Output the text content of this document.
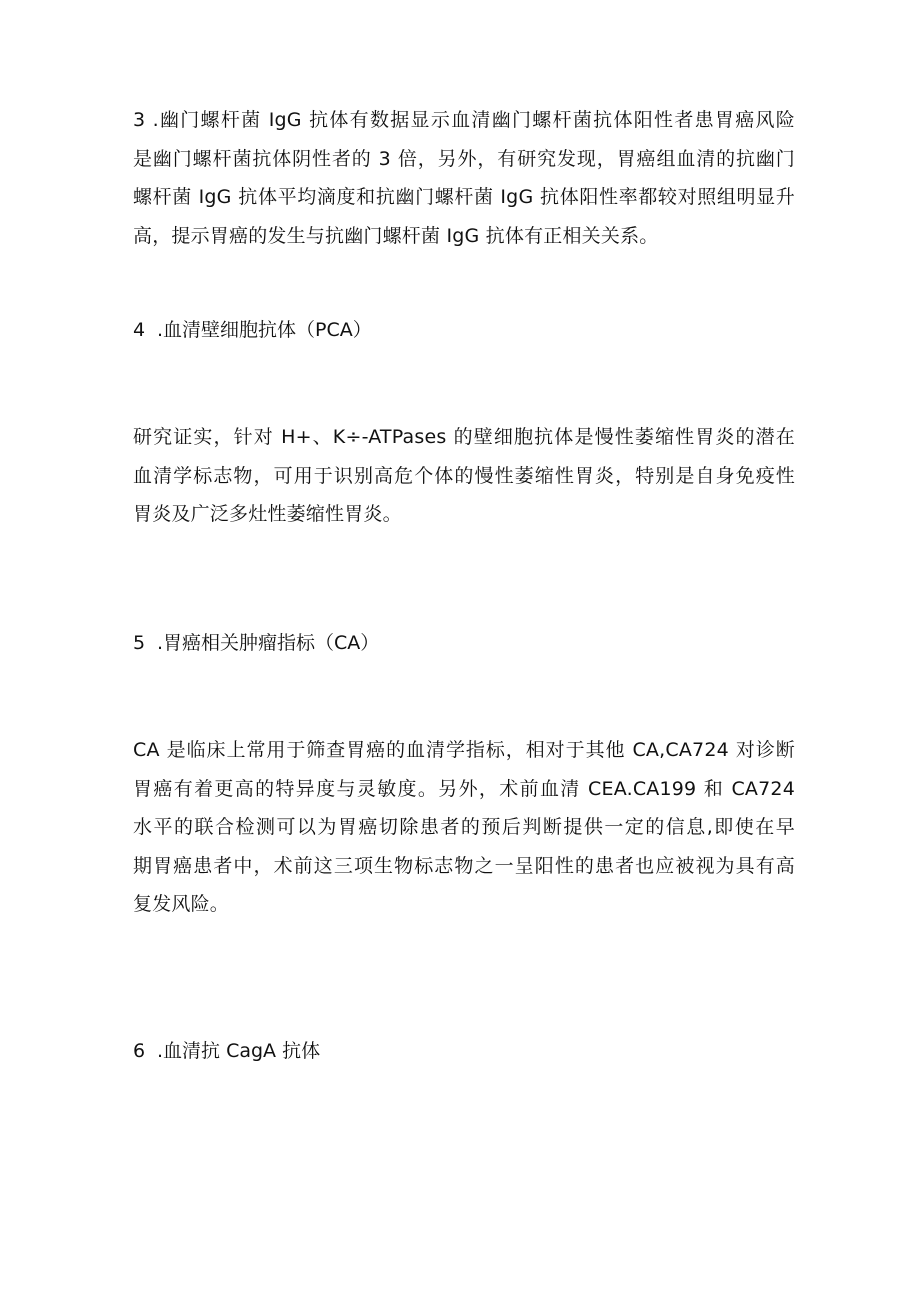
3 .幽门螺杆菌 IgG 抗体有数据显示血清幽门螺杆菌抗体阳性者患胃癌风险
是幽门螺杆菌抗体阴性者的 3 倍，另外，有研究发现，胃癌组血清的抗幽门
螺杆菌 IgG 抗体平均滴度和抗幽门螺杆菌 IgG 抗体阳性率都较对照组明显升
高，提示胃癌的发生与抗幽门螺杆菌 IgG 抗体有正相关关系。
4 .血清壁细胞抗体（PCA）
研究证实，针对 H+、K÷-ATPases 的壁细胞抗体是慢性萎缩性胃炎的潜在
血清学标志物，可用于识别高危个体的慢性萎缩性胃炎，特别是自身免疫性
胃炎及广泛多灶性萎缩性胃炎。
5 .胃癌相关肿瘤指标（CA）
CA 是临床上常用于筛查胃癌的血清学指标，相对于其他 CA,CA724 对诊断
胃癌有着更高的特异度与灵敏度。另外，术前血清 CEA.CA199 和 CA724
水平的联合检测可以为胃癌切除患者的预后判断提供一定的信息,即使在早
期胃癌患者中，术前这三项生物标志物之一呈阳性的患者也应被视为具有高
复发风险。
6 .血清抗 CagA 抗体
